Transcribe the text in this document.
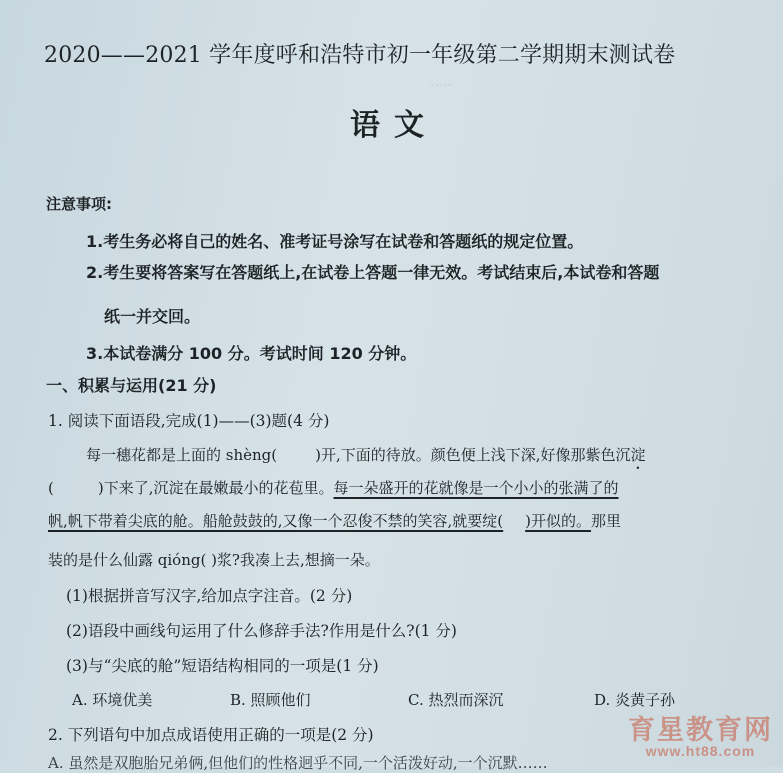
·····
2020——2021 学年度呼和浩特市初一年级第二学期期末测试卷
语文
注意事项:
1.考生务必将自己的姓名、准考证号涂写在试卷和答题纸的规定位置。
2.考生要将答案写在答题纸上,在试卷上答题一律无效。考试结束后,本试卷和答题
纸一并交回。
3.本试卷满分 100 分。考试时间 120 分钟。
一、积累与运用(21 分)
1. 阅读下面语段,完成(1)——(3)题(4 分)
每一穗花都是上面的 shèng(	)开,下面的待放。颜色便上浅下深,好像那紫色沉淀
(	)下来了,沉淀在最嫩最小的花苞里。每一朵盛开的花就像是一个小小的张满了的
帆,帆下带着尖底的舱。船舱鼓鼓的,又像一个忍俊不禁的笑容,就要绽( )开似的。那里
装的是什么仙露 qióng( )浆?我凑上去,想摘一朵。
(1)根据拼音写汉字,给加点字注音。(2 分)
(2)语段中画线句运用了什么修辞手法?作用是什么?(1 分)
(3)与“尖底的舱”短语结构相同的一项是(1 分)
A. 环境优美	B. 照顾他们	C. 热烈而深沉	D. 炎黄子孙
2. 下列语句中加点成语使用正确的一项是(2 分)
A. 虽然是双胞胎兄弟俩,但他们的性格迥乎不同,一个活泼好动,一个沉默……
育星教育网
www.ht88.com
